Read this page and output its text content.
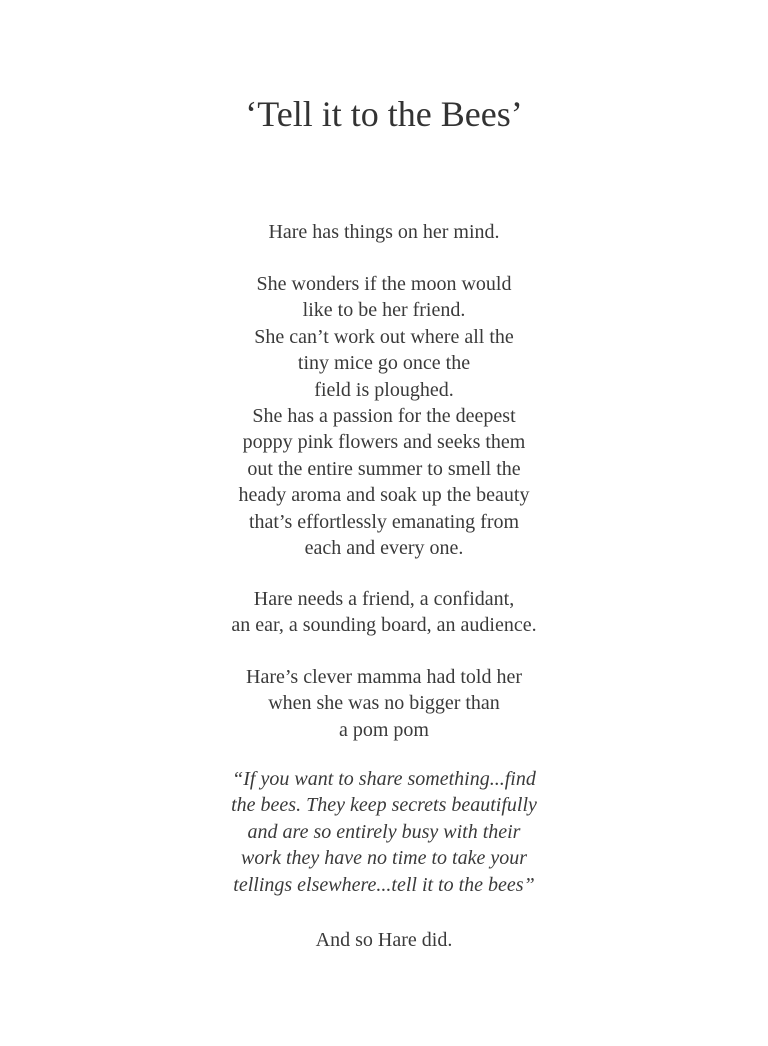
‘Tell it to the Bees’
Hare has things on her mind.
She wonders if the moon would
like to be her friend.
She can’t work out where all the
tiny mice go once the
field is ploughed.
She has a passion for the deepest
poppy pink flowers and seeks them
out the entire summer to smell the
heady aroma and soak up the beauty
that’s effortlessly emanating from
each and every one.
Hare needs a friend, a confidant,
an ear, a sounding board, an audience.
Hare’s clever mamma had told her
when she was no bigger than
a pom pom
“If you want to share something...find
the bees. They keep secrets beautifully
and are so entirely busy with their
work they have no time to take your
tellings elsewhere...tell it to the bees”
And so Hare did.
